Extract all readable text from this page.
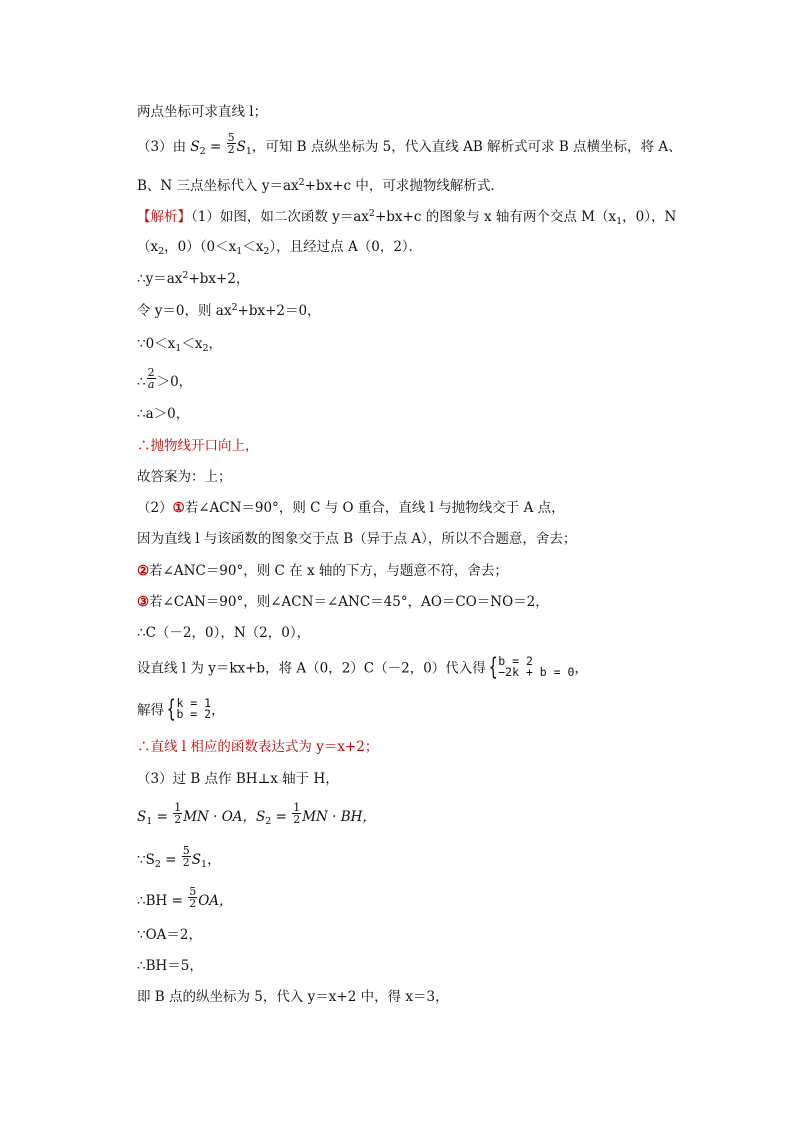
两点坐标可求直线 l；
（3）由 $S_2 = \frac{5}{2} S_1$，可知 B 点纵坐标为 5，代入直线 AB 解析式可求 B 点横坐标，将 A、
B、N 三点坐标代入 $y=ax^2+bx+c$ 中，可求抛物线解析式．
【解析】（1）如图，如二次函数 $y=ax^2+bx+c$ 的图象与 x 轴有两个交点 $M(x_1$，0），N
（$x_2$，$0)(0<x_1<x_2)$，且经过点 A（0，2）．
$\therefore y=ax^2+bx+2$，
令 y＝0，则 $ax^2+bx+2=0$，
$\because 0<x_1<x_2$，
∴ $\frac{2}{a} >0$，
∴a＞0，
∴抛物线开口向上，
故答案为：上；
（2）①若∠ACN＝90°，则 C 与 O 重合，直线 l 与抛物线交于 A 点，
因为直线 l 与该函数的图象交于点 B（异于点 A），所以不合题意，舍去；
②若∠ANC＝90°，则 C 在 x 轴的下方，与题意不符，舍去；
③若∠CAN＝90°，则∠ACN＝∠ANC＝45°，AO＝CO＝NO＝2，
∴C（－2，0），N（2，0），
设直线 l 为 y＝kx+b，将 A（0，2）C（－2，0）代入得 { b = 2
−2k + b = 0 ，
解得 { k = 1
b = 2 ，
∴直线 l 相应的函数表达式为 y＝x+2；
（3）过 B 点作 BH⊥x 轴于 H，
$S_1 = \frac{1}{2}$ MN · OA，$S_2 = \frac{1}{2}$ MN · BH，
$\because S_2 = \frac{5}{2} S_1$，
∴BH = $\frac{5}{2}$ OA，
∵OA＝2，
∴BH＝5，
即 B 点的纵坐标为 5，代入 y＝x+2 中，得 x＝3，
